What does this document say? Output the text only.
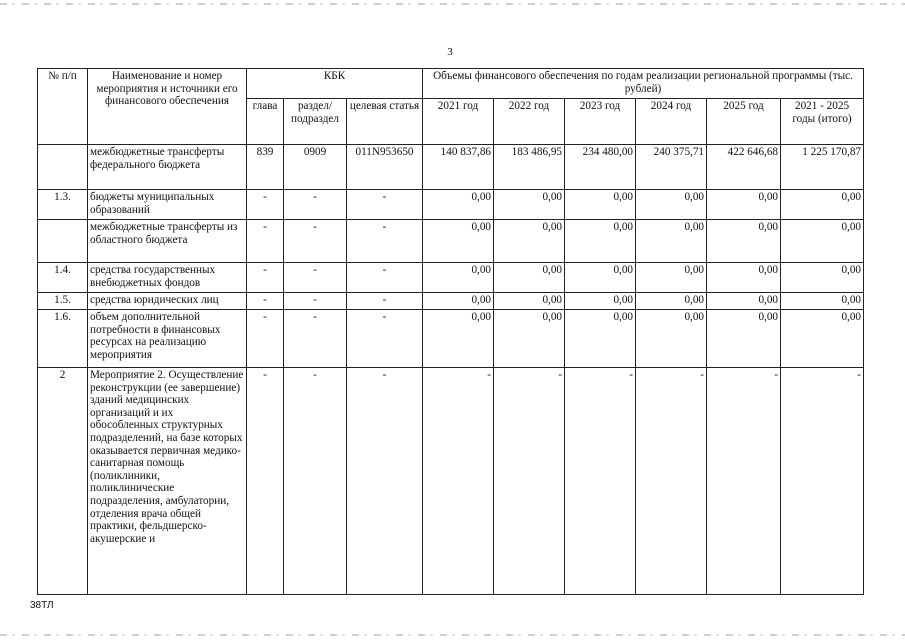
3
№ п/п	Наименование и номер мероприятия и источники его финансового обеспечения	КБК			Объемы финансового обеспечения по годам реализации региональной программы (тыс. рублей)					
		глава	раздел/ подраздел	целевая статья	2021 год	2022 год	2023 год	2024 год	2025 год	2021 - 2025 годы (итого)
	межбюджетные трансферты федерального бюджета	839	0909	011N953650	140 837,86	183 486,95	234 480,00	240 375,71	422 646,68	1 225 170,87
1.3.	бюджеты муниципальных образований	-	-	-	0,00	0,00	0,00	0,00	0,00	0,00
	межбюджетные трансферты из областного бюджета	-	-	-	0,00	0,00	0,00	0,00	0,00	0,00
1.4.	средства государственных внебюджетных фондов	-	-	-	0,00	0,00	0,00	0,00	0,00	0,00
1.5.	средства юридических лиц	-	-	-	0,00	0,00	0,00	0,00	0,00	0,00
1.6.	объем дополнительной потребности в финансовых ресурсах на реализацию мероприятия	-	-	-	0,00	0,00	0,00	0,00	0,00	0,00
2	Мероприятие 2. Осуществление реконструкции (ее завершение) зданий медицинских организаций и их обособленных структурных подразделений, на базе которых оказывается первичная медико-санитарная помощь (поликлиники, поликлинические подразделения, амбулатории, отделения врача общей практики, фельдшерско-акушерские и	-	-	-	-	-	-	-	-	-
38ТЛ
